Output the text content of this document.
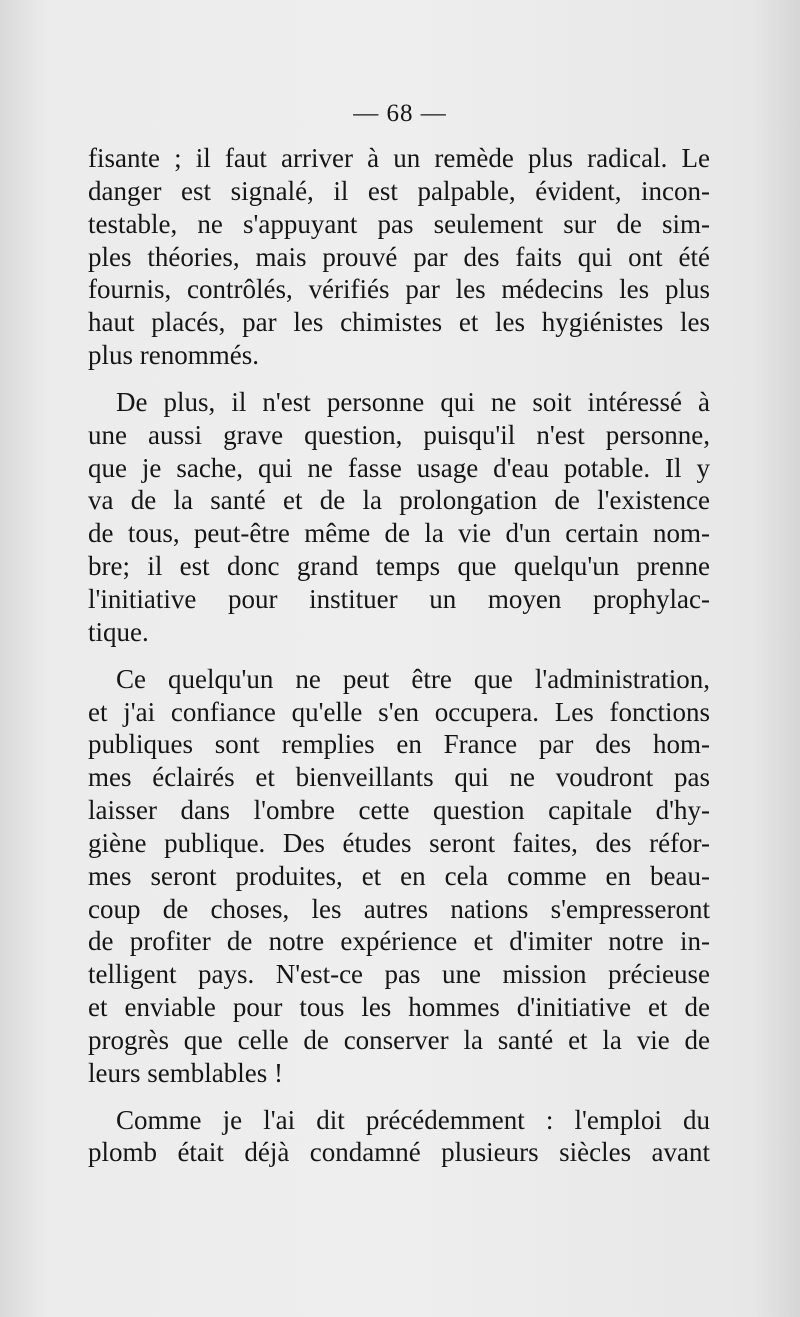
— 68 —
fisante ; il faut arriver à un remède plus radical. Le
danger est signalé, il est palpable, évident, incon-
testable, ne s'appuyant pas seulement sur de sim-
ples théories, mais prouvé par des faits qui ont été
fournis, contrôlés, vérifiés par les médecins les plus
haut placés, par les chimistes et les hygiénistes les
plus renommés.
De plus, il n'est personne qui ne soit intéressé à
une aussi grave question, puisqu'il n'est personne,
que je sache, qui ne fasse usage d'eau potable. Il y
va de la santé et de la prolongation de l'existence
de tous, peut-être même de la vie d'un certain nom-
bre; il est donc grand temps que quelqu'un prenne
l'initiative pour instituer un moyen prophylac-
tique.
Ce quelqu'un ne peut être que l'administration,
et j'ai confiance qu'elle s'en occupera. Les fonctions
publiques sont remplies en France par des hom-
mes éclairés et bienveillants qui ne voudront pas
laisser dans l'ombre cette question capitale d'hy-
giène publique. Des études seront faites, des réfor-
mes seront produites, et en cela comme en beau-
coup de choses, les autres nations s'empresseront
de profiter de notre expérience et d'imiter notre in-
telligent pays. N'est-ce pas une mission précieuse
et enviable pour tous les hommes d'initiative et de
progrès que celle de conserver la santé et la vie de
leurs semblables !
Comme je l'ai dit précédemment : l'emploi du
plomb était déjà condamné plusieurs siècles avant
